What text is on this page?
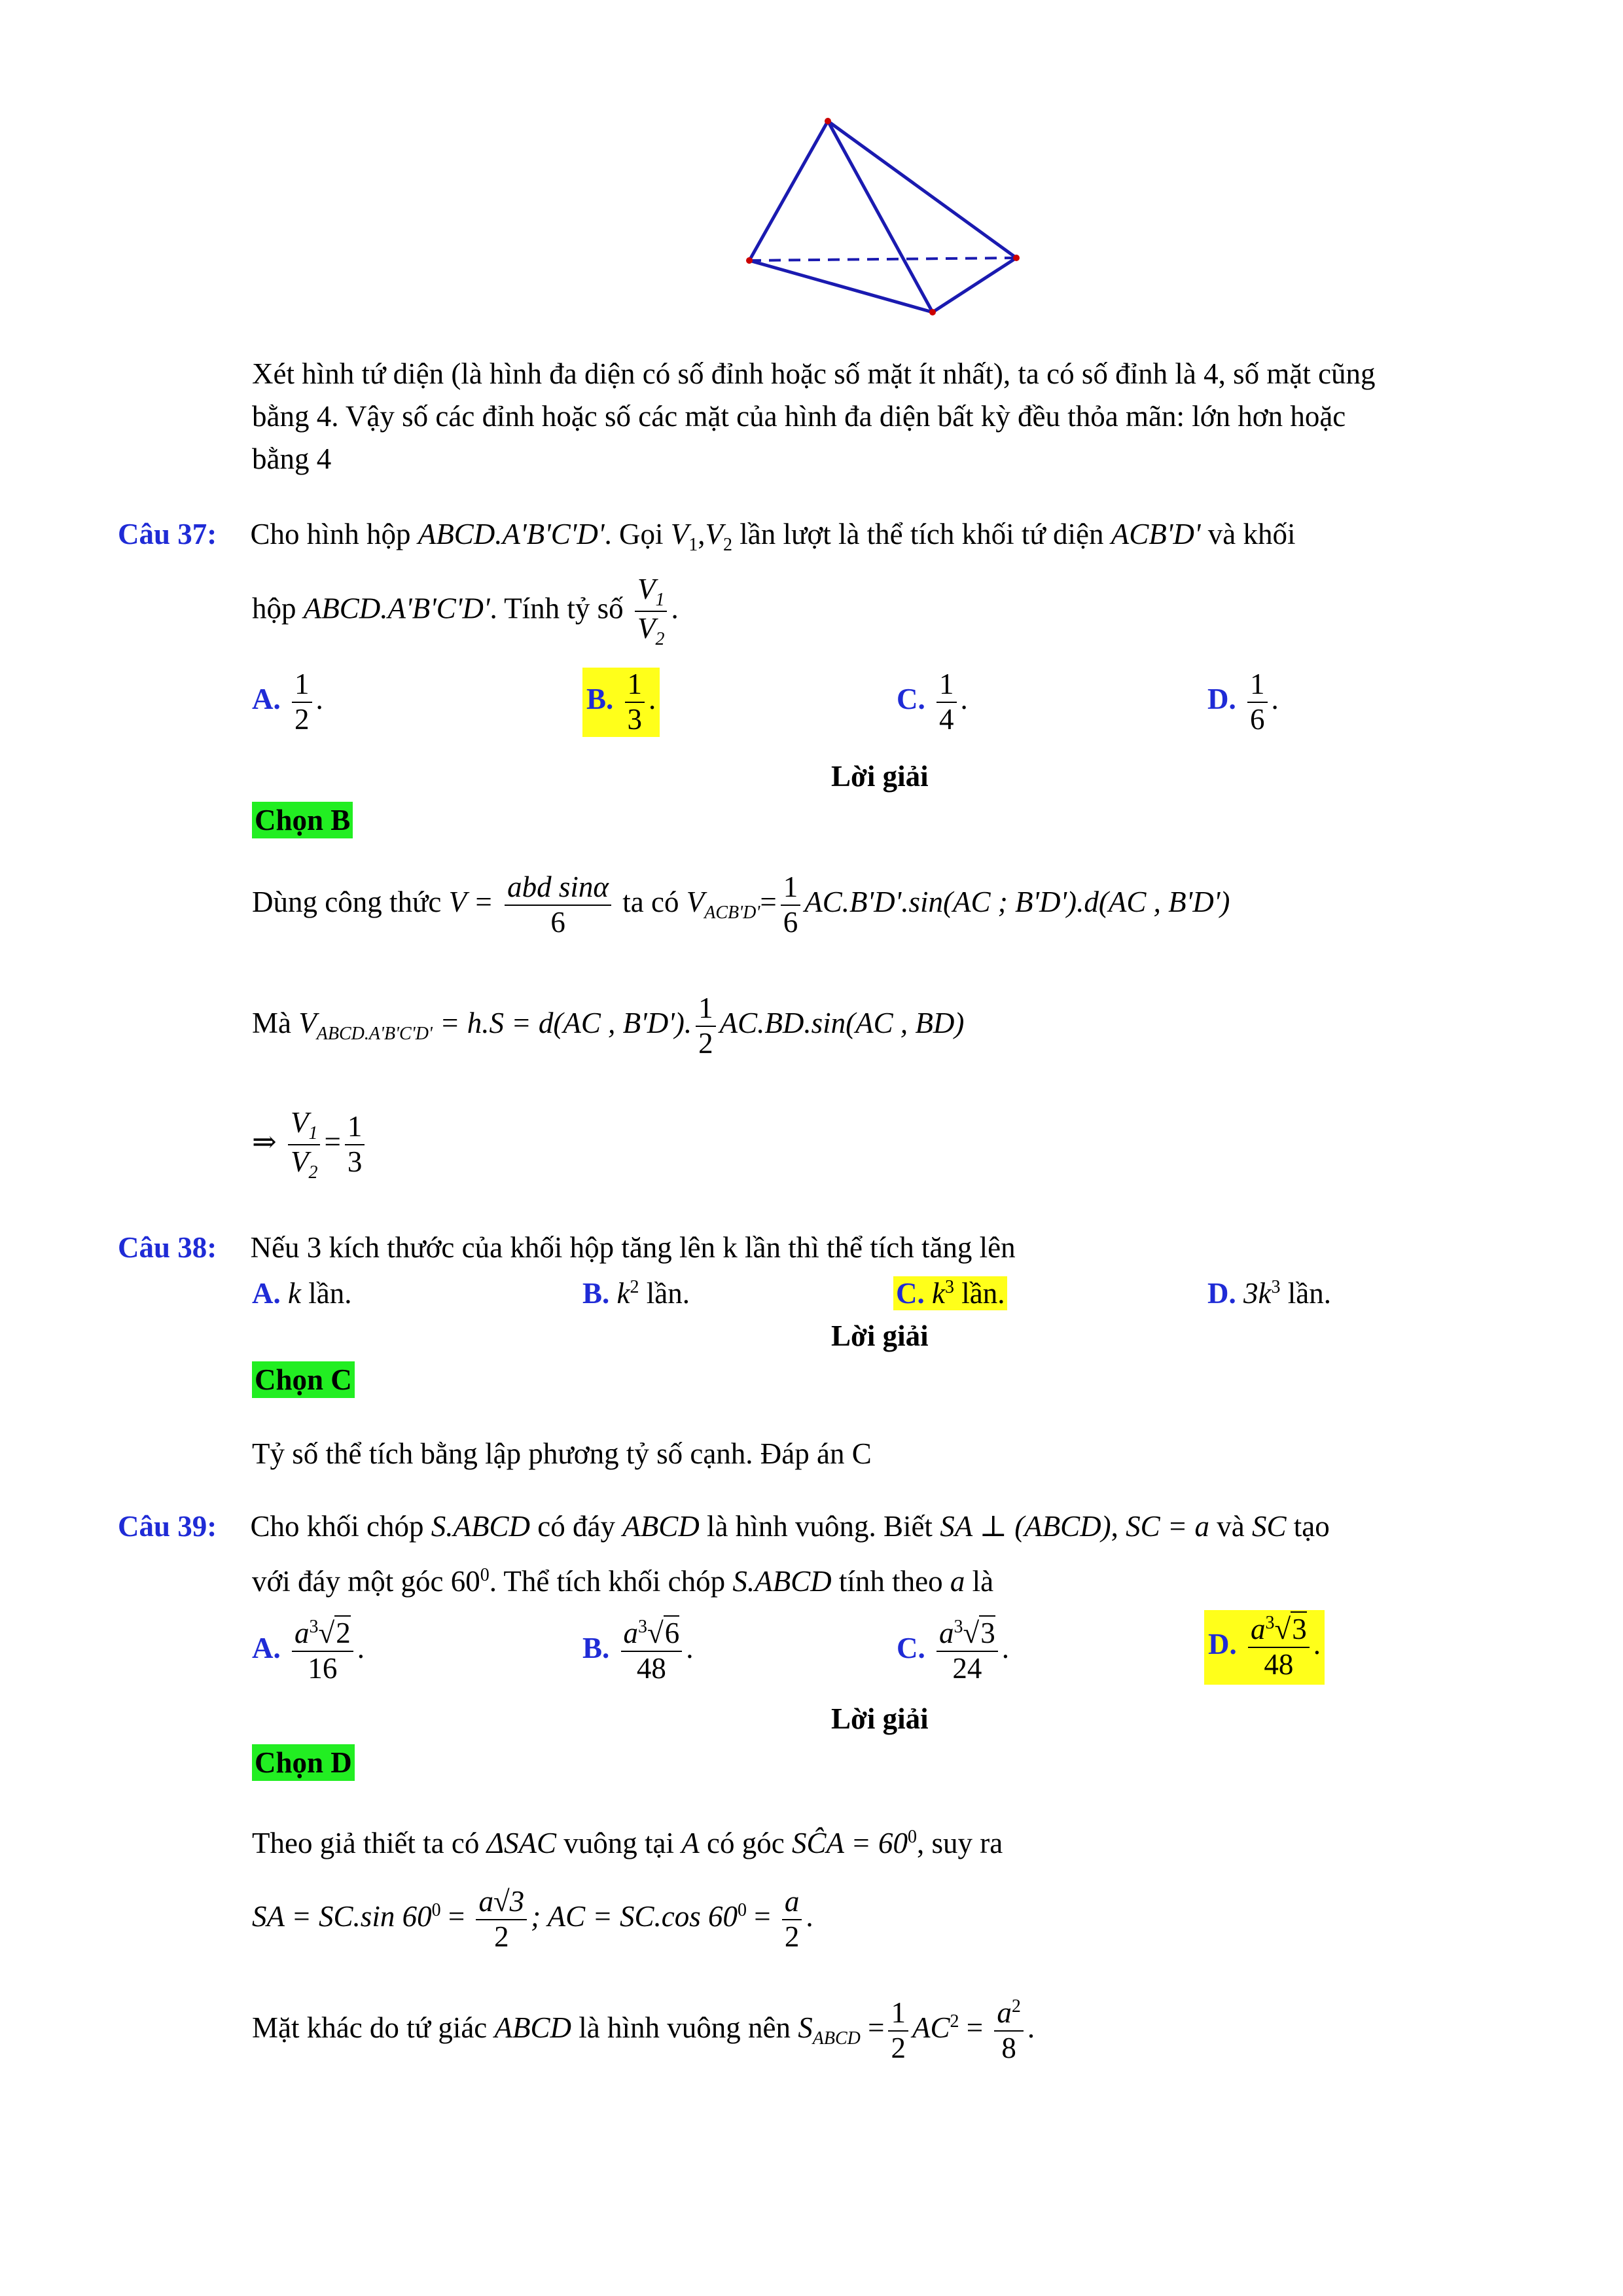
Xét hình tứ diện (là hình đa diện có số đỉnh hoặc số mặt ít nhất), ta có số đỉnh là 4, số mặt cũng
bằng 4. Vậy số các đỉnh hoặc số các mặt của hình đa diện bất kỳ đều thỏa mãn: lớn hơn hoặc
bằng 4
Câu 37: Cho hình hộp ABCD.A'B'C'D'. Gọi $V_1,V_2$ lần lượt là thể tích khối tứ diện ACB'D' và khối
hộp ABCD.A'B'C'D'. Tính tỷ số $\frac{V_1}{V_2}$ .
A. $\frac{1}{2}$ .	B. $\frac{1}{3}$ .	C. $\frac{1}{4}$ .	D. $\frac{1}{6}$ .
Lời giải
Chọn B
Dùng công thức $V = \frac{\text{abd sinα}}{6}$ ta có $V_{ACB'D'}= \frac{1}{6} AC.B'D'.\sin(AC$ ; B'D').d(AC , B'D')
Mà $V_{ABCD.A'B'C'D'} = h.S = d(AC$ , B'D'). $\frac{1}{2} AC.BD.\sin(AC$ , BD)
⇒ $\frac{V_1}{V_2} = \frac{1}{3}$
Câu 38: Nếu 3 kích thước của khối hộp tăng lên k lần thì thể tích tăng lên
A. k lần.	B. $k^2$ lần.	C. $k^3$ lần.	D. $3k^3$ lần.
Lời giải
Chọn C
Tỷ số thể tích bằng lập phương tỷ số cạnh. Đáp án C
Câu 39: Cho khối chóp S.ABCD có đáy ABCD là hình vuông. Biết SA ⊥ (ABCD), SC = a và SC tạo
với đáy một góc $60^0$. Thể tích khối chóp S.ABCD tính theo a là
A. $\frac{a^3√2}{16}$ .	B. $\frac{a^3√6}{48}$ .	C. $\frac{a^3√3}{24}$ .	D. $\frac{a^3√3}{48}$ .
Lời giải
Chọn D
Theo giả thiết ta có ΔSAC vuông tại A có góc SĈA = $60^0$, suy ra
SA = SC.sin $60^0 = \frac{a√3}{2}$ ; AC = SC.cos $60^0 = \frac{a}{2}$ .
Mặt khác do tứ giác ABCD là hình vuông nên $S_{ABCD} = \frac{1}{2} AC^2 = \frac{a^2}{8}$ .
